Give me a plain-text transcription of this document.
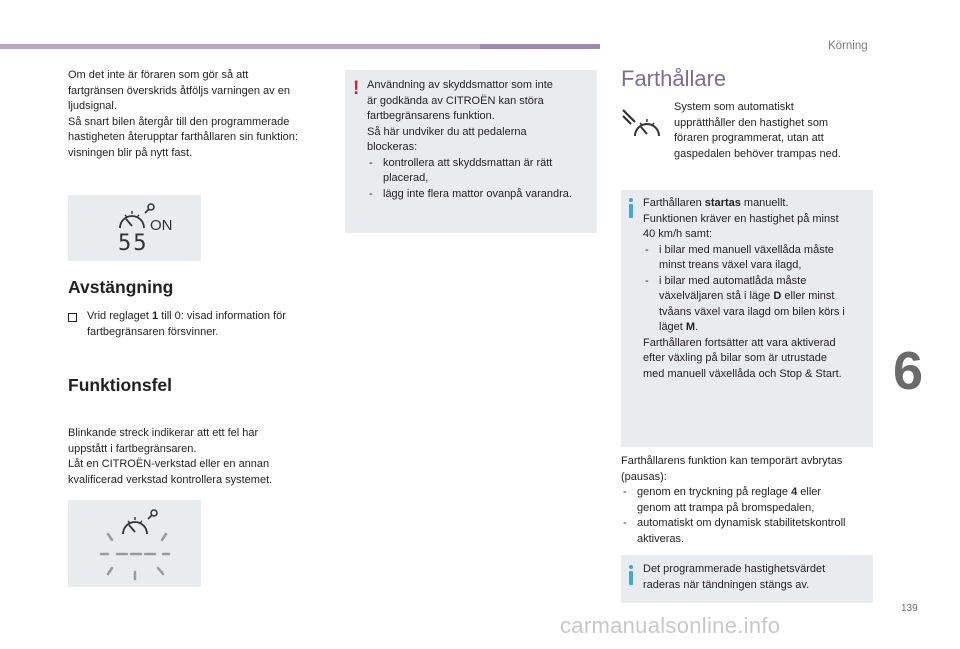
Körning

Om det inte är föraren som gör så att

fartgränsen överskrids åtföljs varningen av en

ljudsignal.

Så snart bilen återgår till den programmerade

hastigheten återupptar farthållaren sin funktion:

visningen blir på nytt fast.

ON
55
Avstängning

Vrid reglaget 1 till 0: visad information för

fartbegränsaren försvinner.

Funktionsfel

Blinkande streck indikerar att ett fel har

uppstått i fartbegränsaren.

Låt en CITROËN-verkstad eller en annan

kvalificerad verkstad kontrollera systemet.

! Användning av skyddsmattor som inte

är godkända av CITROËN kan störa

fartbegränsarens funktion.

Så här undviker du att pedalerna

blockeras:

- kontrollera att skyddsmattan är rätt
placerad,
- lägg inte flera mattor ovanpå varandra.
Farthållare

System som automatiskt

upprätthåller den hastighet som

föraren programmerat, utan att

gaspedalen behöver trampas ned.

Farthållaren startas manuellt.

Funktionen kräver en hastighet på minst

40 km/h samt:

- i bilar med manuell växellåda måste
minst treans växel vara ilagd,
- i bilar med automatlåda måste
växelväljaren stå i läge D eller minst
tvåans växel vara ilagd om bilen körs i
läget M.

Farthållaren fortsätter att vara aktiverad

efter växling på bilar som är utrustade

med manuell växellåda och Stop & Start.

Farthållarens funktion kan temporärt avbrytas

(pausas):

- genom en tryckning på reglage 4 eller
genom att trampa på bromspedalen,
- automatiskt om dynamisk stabilitetskontroll
aktiveras.

Det programmerade hastighetsvärdet

raderas när tändningen stängs av.

6
139
carmanualsonline.info
